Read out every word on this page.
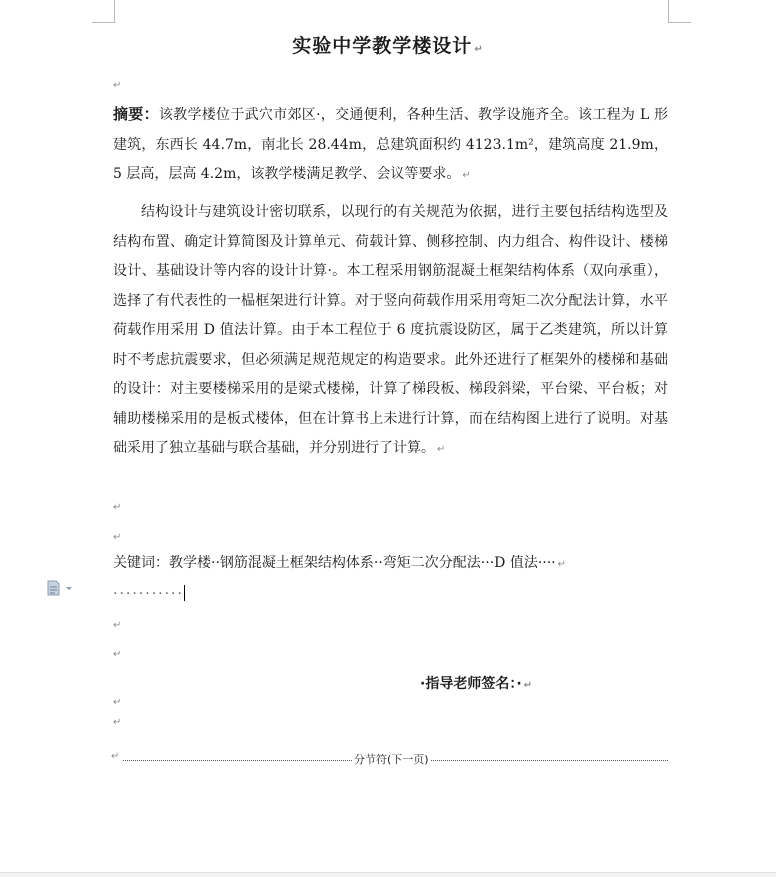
实验中学教学楼设计 ↵
↵
摘要：该教学楼位于武穴市郊区·，交通便利，各种生活、教学设施齐全。该工程为 L 形建筑，东西长 44.7m，南北长 28.44m，总建筑面积约 4123.1m²，建筑高度 21.9m，5 层高，层高 4.2m，该教学楼满足教学、会议等要求。 ↵
结构设计与建筑设计密切联系，以现行的有关规范为依据，进行主要包括结构选型及结构布置、确定计算简图及计算单元、荷载计算、侧移控制、内力组合、构件设计、楼梯设计、基础设计等内容的设计计算·。本工程采用钢筋混凝土框架结构体系（双向承重），选择了有代表性的一榀框架进行计算。对于竖向荷载作用采用弯矩二次分配法计算，水平荷载作用采用 D 值法计算。由于本工程位于 6 度抗震设防区，属于乙类建筑，所以计算时不考虑抗震要求，但必须满足规范规定的构造要求。此外还进行了框架外的楼梯和基础的设计：对主要楼梯采用的是梁式楼梯，计算了梯段板、梯段斜梁，平台梁、平台板；对辅助楼梯采用的是板式楼体，但在计算书上未进行计算，而在结构图上进行了说明。对基础采用了独立基础与联合基础，并分别进行了计算。 ↵
↵
↵
关键词：教学楼··钢筋混凝土框架结构体系··弯矩二次分配法···D 值法···· ↵
···········
↵
↵
·指导老师签名：· ↵
↵
↵
↵	分节符(下一页)
